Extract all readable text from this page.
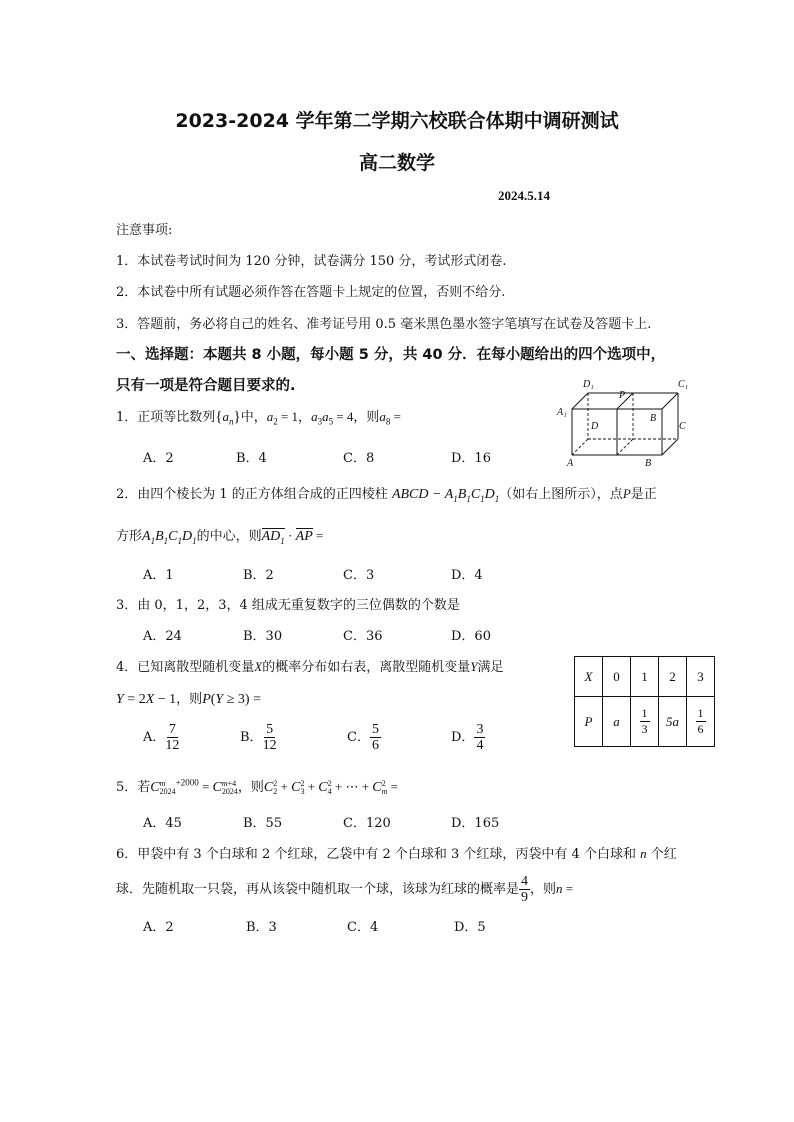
2023-2024 学年第二学期六校联合体期中调研测试
高二数学
2024.5.14
注意事项:
1．本试卷考试时间为 120 分钟，试卷满分 150 分，考试形式闭卷.
2．本试卷中所有试题必须作答在答题卡上规定的位置，否则不给分.
3．答题前，务必将自己的姓名、准考证号用 0.5 毫米黑色墨水签字笔填写在试卷及答题卡上.
一、选择题：本题共 8 小题，每小题 5 分，共 40 分．在每小题给出的四个选项中，
只有一项是符合题目要求的.	D₁
P
C₁
A₁
D
B
C
A	B
1．正项等比数列$\{a_n\}$中，$a_2 = 1$，$a_3a_5 = 4$，则$a_8$ =
A．2	B．4	C．8	D．16
2．由四个棱长为 1 的正方体组合成的正四棱柱 ABCD − $A_1B_1C_1D_1$（如右上图所示），点P是正
方形$A_1B_1C_1D_1$的中心，则$AD_1$ · AP =
A．1	B．2	C．3	D．4
3．由 0，1，2，3，4 组成无重复数字的三位偶数的个数是
A．24	B．30	C．36	D．60
4．已知离散型随机变量X的概率分布如右表，离散型随机变量Y满足
Y = 2X − 1，则P(Y ≥ 3) =
A． $\frac{7}{12}$	B． $\frac{5}{12}$	C． $\frac{5}{6}$	D． $\frac{3}{4}$
X	0	1	2	3
P	a	$\frac{1}{3}$	5a	$\frac{1}{6}$
5．若C m
2024
$^{+2000}$ = C m+4
2024 ，则C 2
2 + C 2
3 + C 2
4 + ⋯ + C 2
m =
A．45	B．55	C．120	D．165
6．甲袋中有 3 个白球和 2 个红球，乙袋中有 2 个白球和 3 个红球，丙袋中有 4 个白球和 n 个红
球．先随机取一只袋，再从该袋中随机取一个球，该球为红球的概率是 $\frac{4}{9}$ ，则n =
A．2	B．3	C．4	D．5
